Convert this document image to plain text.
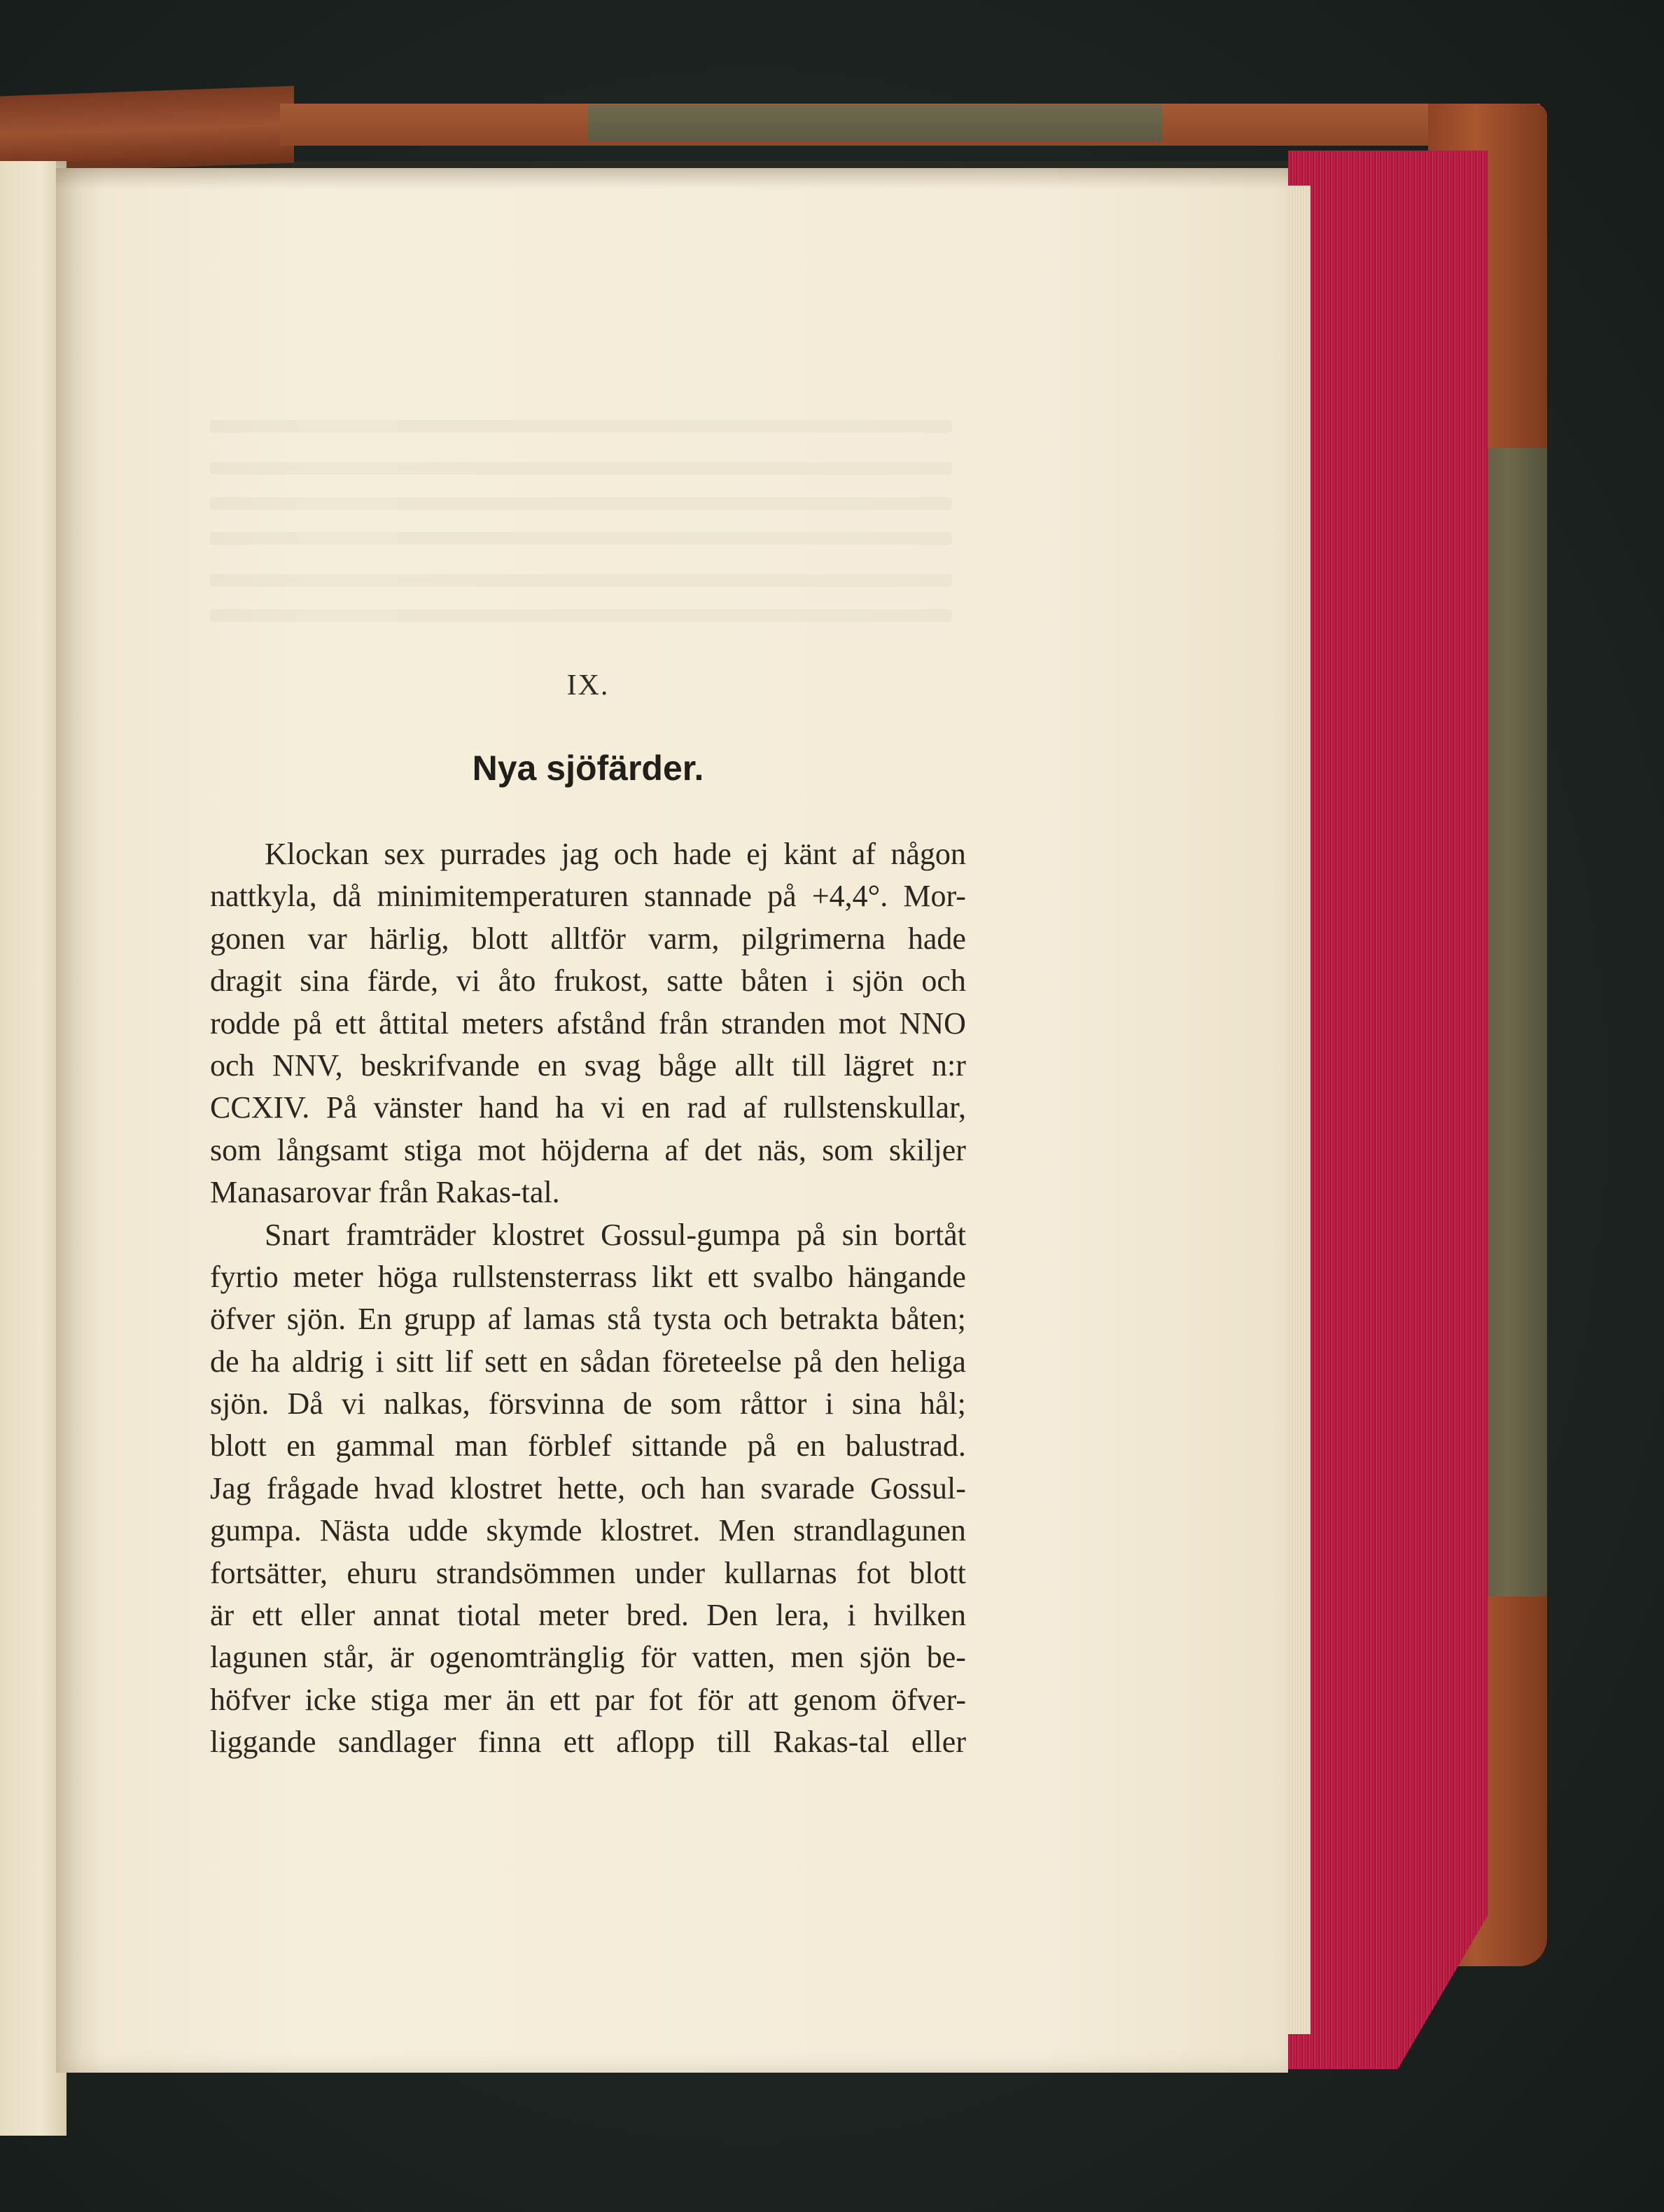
IX.
Nya sjöfärder.
Klockan sex purrades jag och hade ej känt af någon
nattkyla, då minimitemperaturen stannade på +4,4°. Mor-
gonen var härlig, blott alltför varm, pilgrimerna hade
dragit sina färde, vi åto frukost, satte båten i sjön och
rodde på ett åttital meters afstånd från stranden mot NNO
och NNV, beskrifvande en svag båge allt till lägret n:r
CCXIV. På vänster hand ha vi en rad af rullstenskullar,
som långsamt stiga mot höjderna af det näs, som skiljer
Manasarovar från Rakas-tal.
Snart framträder klostret Gossul-gumpa på sin bortåt
fyrtio meter höga rullstensterrass likt ett svalbo hängande
öfver sjön. En grupp af lamas stå tysta och betrakta båten;
de ha aldrig i sitt lif sett en sådan företeelse på den heliga
sjön. Då vi nalkas, försvinna de som råttor i sina hål;
blott en gammal man förblef sittande på en balustrad.
Jag frågade hvad klostret hette, och han svarade Gossul-
gumpa. Nästa udde skymde klostret. Men strandlagunen
fortsätter, ehuru strandsömmen under kullarnas fot blott
är ett eller annat tiotal meter bred. Den lera, i hvilken
lagunen står, är ogenomtränglig för vatten, men sjön be-
höfver icke stiga mer än ett par fot för att genom öfver-
liggande sandlager finna ett aflopp till Rakas-tal eller
